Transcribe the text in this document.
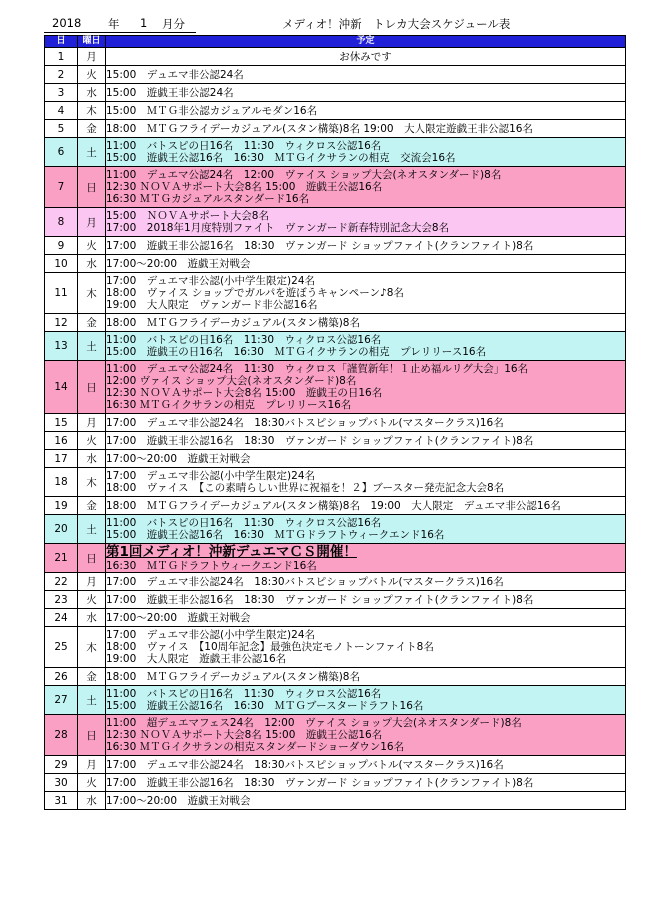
2018 年 1 月分	メディオ！沖新　トレカ大会スケジュール表
日	曜日	予定
1	月	お休みです

2	火	15:00　デュエマ非公認24名

3	水	15:00　遊戯王非公認24名

4	木	15:00　ＭＴＧ非公認カジュアルモダン16名

5	金	18:00　ＭＴＧフライデーカジュアル(スタン構築)8名 19:00　大人限定遊戯王非公認16名

6	土	11:00　バトスピの日16名　11:30　ウィクロス公認16名
15:00　遊戯王公認16名　16:30　ＭＴＧイクサランの相克　交流会16名

7	日	11:00　デュエマ公認24名　12:00　ヴァイス ショップ大会(ネオスタンダード)8名
12:30 ＮＯＶＡサポート大会8名 15:00　遊戯王公認16名
16:30 ＭＴＧカジュアルスタンダード16名

8	月	15:00　ＮＯＶＡサポート大会8名
17:00　2018年1月度特別ファイト　ヴァンガード新春特別記念大会8名

9	火	17:00　遊戯王非公認16名　18:30　ヴァンガード ショップファイト(クランファイト)8名

10	水	17:00～20:00　遊戯王対戦会

11	木	17:00　デュエマ非公認(小中学生限定)24名
18:00　ヴァイス ショップでガルパを遊ぼうキャンペーン♪8名
19:00　大人限定　ヴァンガード非公認16名

12	金	18:00　ＭＴＧフライデーカジュアル(スタン構築)8名

13	土	11:00　バトスピの日16名　11:30　ウィクロス公認16名
15:00　遊戯王の日16名　16:30　ＭＴＧイクサランの相克　プレリリース16名

14	日	11:00　デュエマ公認24名　11:30　ウィクロス「謹賀新年！１止め福ルリグ大会」16名
12:00 ヴァイス ショップ大会(ネオスタンダード)8名
12:30 ＮＯＶＡサポート大会8名 15:00　遊戯王の日16名
16:30 ＭＴＧイクサランの相克　プレリリース16名

15	月	17:00　デュエマ非公認24名　18:30バトスピショップバトル(マスタークラス)16名

16	火	17:00　遊戯王非公認16名　18:30　ヴァンガード ショップファイト(クランファイト)8名

17	水	17:00～20:00　遊戯王対戦会

18	木	17:00　デュエマ非公認(小中学生限定)24名
18:00　ヴァイス　【この素晴らしい世界に祝福を！２】ブースター発売記念大会8名

19	金	18:00　ＭＴＧフライデーカジュアル(スタン構築)8名　19:00　大人限定　デュエマ非公認16名

20	土	11:00　バトスピの日16名　11:30　ウィクロス公認16名
15:00　遊戯王公認16名　16:30　ＭＴＧドラフトウィークエンド16名

21	日	第1回メディオ！沖新デュエマＣＳ開催！
16:30　ＭＴＧドラフトウィークエンド16名

22	月	17:00　デュエマ非公認24名　18:30バトスピショップバトル(マスタークラス)16名

23	火	17:00　遊戯王非公認16名　18:30　ヴァンガード ショップファイト(クランファイト)8名

24	水	17:00～20:00　遊戯王対戦会

25	木	17:00　デュエマ非公認(小中学生限定)24名
18:00　ヴァイス　【10周年記念】最強色決定モノトーンファイト8名
19:00　大人限定　遊戯王非公認16名

26	金	18:00　ＭＴＧフライデーカジュアル(スタン構築)8名

27	土	11:00　バトスピの日16名　11:30　ウィクロス公認16名
15:00　遊戯王公認16名　16:30　ＭＴＧブースタードラフト16名

28	日	11:00　超デュエマフェス24名　12:00　ヴァイス ショップ大会(ネオスタンダード)8名
12:30 ＮＯＶＡサポート大会8名 15:00　遊戯王公認16名
16:30 ＭＴＧイクサランの相克スタンダードショーダウン16名

29	月	17:00　デュエマ非公認24名　18:30バトスピショップバトル(マスタークラス)16名

30	火	17:00　遊戯王非公認16名　18:30　ヴァンガード ショップファイト(クランファイト)8名

31	水	17:00～20:00　遊戯王対戦会
